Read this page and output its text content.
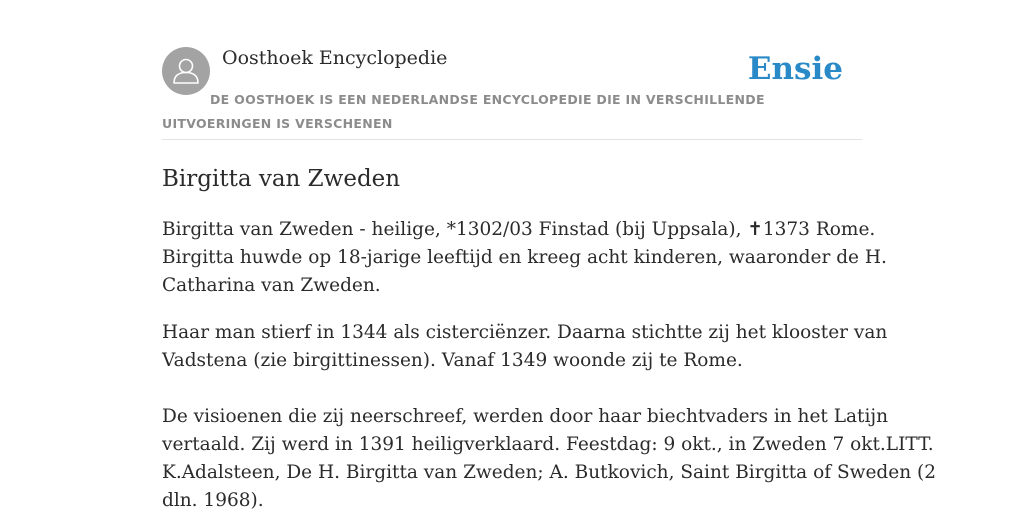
Oosthoek Encyclopedie	Ensie
DE OOSTHOEK IS EEN NEDERLANDSE ENCYCLOPEDIE DIE IN VERSCHILLENDE UITVOERINGEN IS VERSCHENEN
Birgitta van Zweden

Birgitta van Zweden - heilige, *1302/03 Finstad (bij Uppsala), ✝1373 Rome.
Birgitta huwde op 18-jarige leeftijd en kreeg acht kinderen, waaronder de H.
Catharina van Zweden.

Haar man stierf in 1344 als cisterciënzer. Daarna stichtte zij het klooster van
Vadstena (zie birgittinessen). Vanaf 1349 woonde zij te Rome.

De visioenen die zij neerschreef, werden door haar biechtvaders in het Latijn
vertaald. Zij werd in 1391 heiligverklaard. Feestdag: 9 okt., in Zweden 7 okt.LITT.
K.Adalsteen, De H. Birgitta van Zweden; A. Butkovich, Saint Birgitta of Sweden (2
dln. 1968).
